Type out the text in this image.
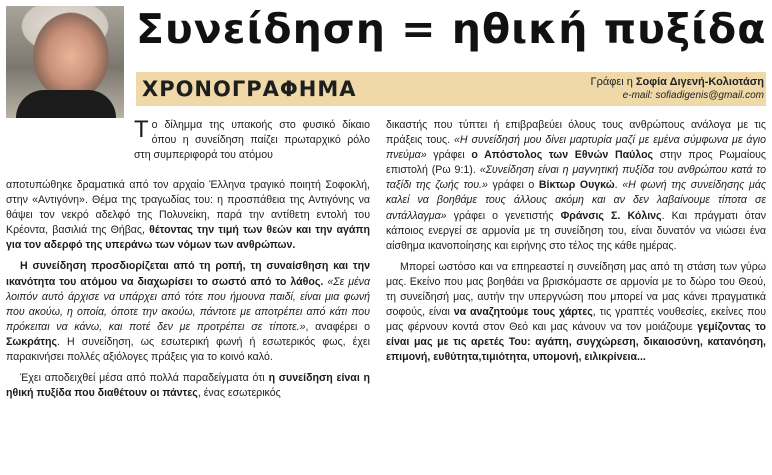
Συνείδηση = ηθική πυξίδα
ΧΡΟΝΟΓΡΑΦΗΜΑ	Γράφει η Σοφία Διγενή-Κολιοτάση
e-mail: sofiadigenis@gmail.com

Το δίλημμα της υπακοής στο φυσικό δίκαιο όπου η συνείδηση παίζει πρωταρχικό ρόλο στη συμπεριφορά του ατόμου

αποτυπώθηκε δραματικά από τον αρχαίο Έλληνα τραγικό ποιητή Σοφοκλή, στην «Αντιγόνη». Θέμα της τραγωδίας του: η προσπάθεια της Αντιγόνης να θάψει τον νεκρό αδελφό της Πολυνείκη, παρά την αντίθετη εντολή του Κρέοντα, βασιλιά της Θήβας, θέτοντας την τιμή των θεών και την αγάπη για τον αδερφό της υπεράνω των νόμων των ανθρώπων.

Η συνείδηση προσδιορίζεται από τη ροπή, τη συναίσθηση και την ικανότητα του ατόμου να διαχωρίσει το σωστό από το λάθος. «Σε μένα λοιπόν αυτό άρχισε να υπάρχει από τότε που ήμουνα παιδί, είναι μια φωνή που ακούω, η οποία, όποτε την ακούω, πάντοτε με αποτρέπει από κάτι που πρόκειται να κάνω, και ποτέ δεν με προτρέπει σε τίποτε.», αναφέρει ο Σωκράτης. Η συνείδηση, ως εσωτερική φωνή ή εσωτερικός φως, έχει παρακινήσει πολλές αξιόλογες πράξεις για το κοινό καλό.

Έχει αποδειχθεί μέσα από πολλά παραδείγματα ότι η συνείδηση είναι η ηθική πυξίδα που διαθέτουν οι πάντες, ένας εσωτερικός

δικαστής που τύπτει ή επιβραβεύει όλους τους ανθρώπους ανάλογα με τις πράξεις τους. «Η συνείδησή μου δίνει μαρτυρία μαζί με εμένα σύμφωνα με άγιο πνεύμα» γράφει ο Απόστολος των Εθνών Παύλος στην προς Ρωμαίους επιστολή (Ρω 9:1). «Συνείδηση είναι η μαγνητική πυξίδα του ανθρώπου κατά το ταξίδι της ζωής του.» γράφει ο Βίκτωρ Ουγκώ. «Η φωνή της συνείδησης μάς καλεί να βοηθάμε τους άλλους ακόμη και αν δεν λαβαίνουμε τίποτα σε αντάλλαγμα» γράφει ο γενετιστής Φράνσις Σ. Κόλινς. Και πράγματι όταν κάποιος ενεργεί σε αρμονία με τη συνείδηση του, είναι δυνατόν να νιώσει ένα αίσθημα ικανοποίησης και ειρήνης στο τέλος της κάθε ημέρας.

Μπορεί ωστόσο και να επηρεαστεί η συνείδηση μας από τη στάση των γύρω μας. Εκείνο που μας βοηθάει να βρισκόμαστε σε αρμονία με το δώρο του Θεού, τη συνείδησή μας, αυτήν την υπεργνώση που μπορεί να μας κάνει πραγματικά σοφούς, είναι να αναζητούμε τους χάρτες, τις γραπτές νουθεσίες, εκείνες που μας φέρνουν κοντά στον Θεό και μας κάνουν να τον μοιάζουμε γεμίζοντας το είναι μας με τις αρετές Του: αγάπη, συγχώρεση, δικαιοσύνη, κατανόηση, επιμονή, ευθύτητα,τιμιότητα, υπομονή, ειλικρίνεια...
